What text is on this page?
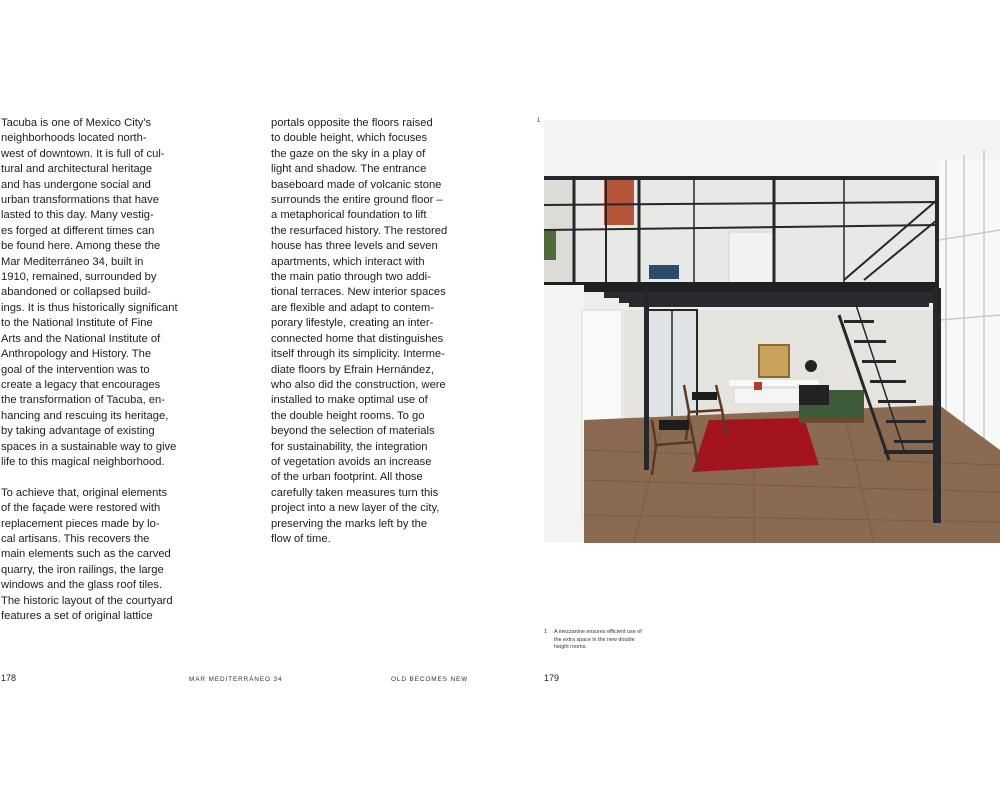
Tacuba is one of Mexico City's
neighborhoods located north-
west of downtown. It is full of cul-
tural and architectural heritage
and has undergone social and
urban transformations that have
lasted to this day. Many vestig-
es forged at different times can
be found here. Among these the
Mar Mediterráneo 34, built in
1910, remained, surrounded by
abandoned or collapsed build-
ings. It is thus historically significant
to the National Institute of Fine
Arts and the National Institute of
Anthropology and History. The
goal of the intervention was to
create a legacy that encourages
the transformation of Tacuba, en-
hancing and rescuing its heritage,
by taking advantage of existing
spaces in a sustainable way to give
life to this magical neighborhood.

To achieve that, original elements
of the façade were restored with
replacement pieces made by lo-
cal artisans. This recovers the
main elements such as the carved
quarry, the iron railings, the large
windows and the glass roof tiles.
The historic layout of the courtyard
features a set of original lattice

portals opposite the floors raised
to double height, which focuses
the gaze on the sky in a play of
light and shadow. The entrance
baseboard made of volcanic stone
surrounds the entire ground floor –
a metaphorical foundation to lift
the resurfaced history. The restored
house has three levels and seven
apartments, which interact with
the main patio through two addi-
tional terraces. New interior spaces
are flexible and adapt to contem-
porary lifestyle, creating an inter-
connected home that distinguishes
itself through its simplicity. Interme-
diate floors by Efrain Hernández,
who also did the construction, were
installed to make optimal use of
the double height rooms. To go
beyond the selection of materials
for sustainability, the integration
of vegetation avoids an increase
of the urban footprint. All those
carefully taken measures turn this
project into a new layer of the city,
preserving the marks left by the
flow of time.

1
1 A mezzanine ensures efficient use of
the extra space in the new double
height rooms.
178	MAR MEDITERRÁNEO 34	OLD BECOMES NEW	179
